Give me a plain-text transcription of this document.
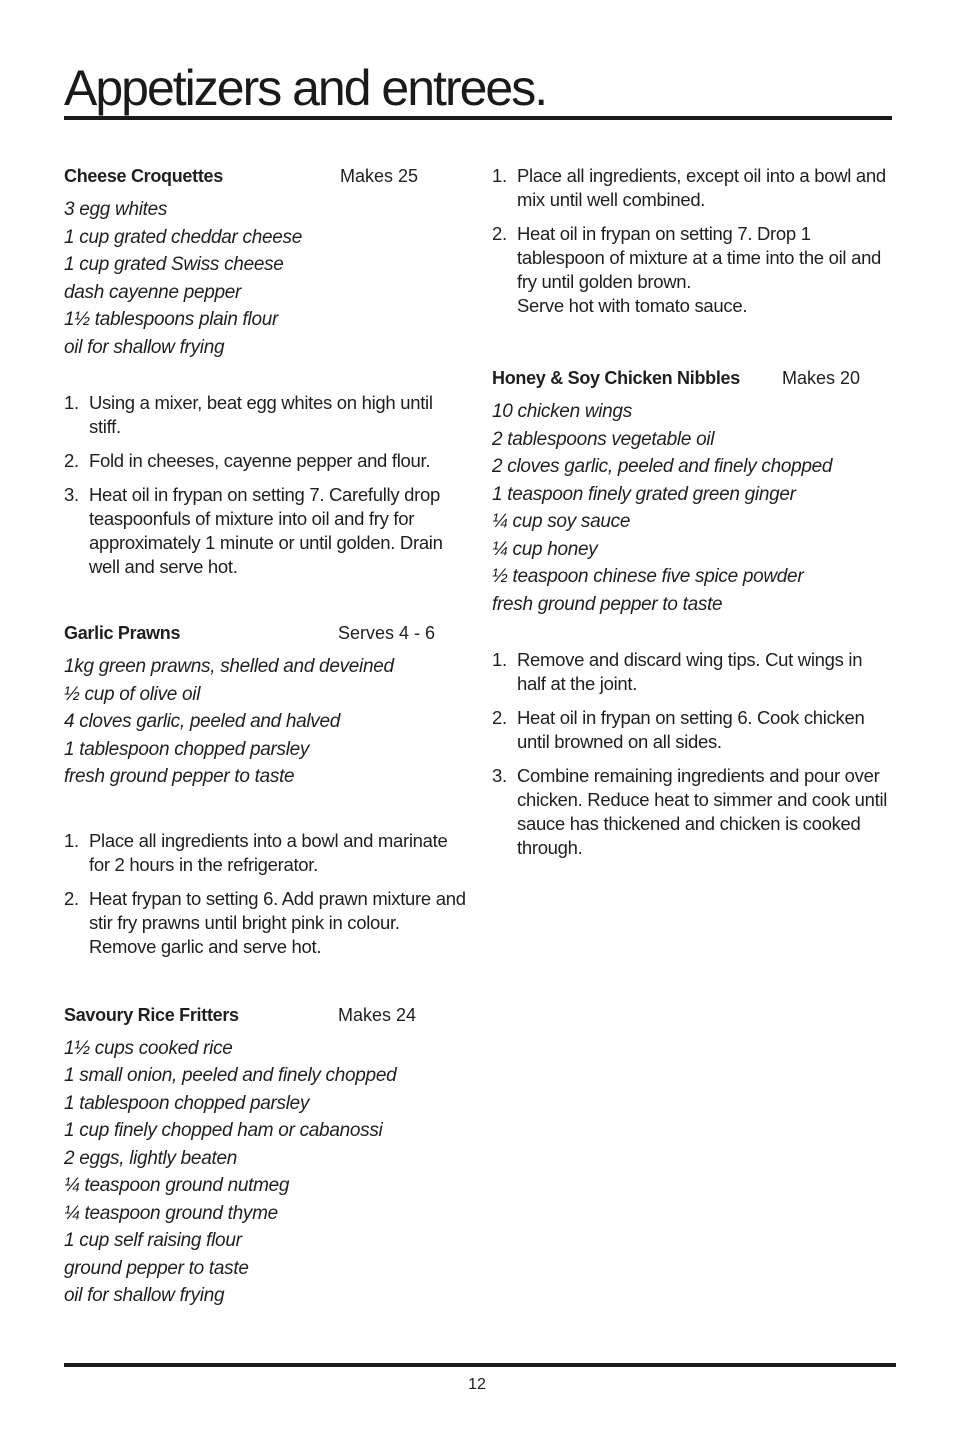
Appetizers and entrees.
Cheese Croquettes	Makes 25
3 egg whites
1 cup grated cheddar cheese
1 cup grated Swiss cheese
dash cayenne pepper
1½ tablespoons plain flour
oil for shallow frying
1. Using a mixer, beat egg whites on high until stiff.
2. Fold in cheeses, cayenne pepper and flour.
3. Heat oil in frypan on setting 7. Carefully drop teaspoonfuls of mixture into oil and fry for approximately 1 minute or until golden. Drain well and serve hot.
Garlic Prawns	Serves 4 - 6
1kg green prawns, shelled and deveined
½ cup of olive oil
4 cloves garlic, peeled and halved
1 tablespoon chopped parsley
fresh ground pepper to taste
1. Place all ingredients into a bowl and marinate for 2 hours in the refrigerator.
2. Heat frypan to setting 6. Add prawn mixture and stir fry prawns until bright pink in colour. Remove garlic and serve hot.
Savoury Rice Fritters	Makes 24
1½ cups cooked rice
1 small onion, peeled and finely chopped
1 tablespoon chopped parsley
1 cup finely chopped ham or cabanossi
2 eggs, lightly beaten
¼ teaspoon ground nutmeg
¼ teaspoon ground thyme
1 cup self raising flour
ground pepper to taste
oil for shallow frying
1. Place all ingredients, except oil into a bowl and mix until well combined.
2. Heat oil in frypan on setting 7. Drop 1 tablespoon of mixture at a time into the oil and fry until golden brown.
Serve hot with tomato sauce.
Honey & Soy Chicken Nibbles Makes 20
10 chicken wings
2 tablespoons vegetable oil
2 cloves garlic, peeled and finely chopped
1 teaspoon finely grated green ginger
¼ cup soy sauce
¼ cup honey
½ teaspoon chinese five spice powder
fresh ground pepper to taste
1. Remove and discard wing tips. Cut wings in half at the joint.
2. Heat oil in frypan on setting 6. Cook chicken until browned on all sides.
3. Combine remaining ingredients and pour over chicken. Reduce heat to simmer and cook until sauce has thickened and chicken is cooked through.
12
